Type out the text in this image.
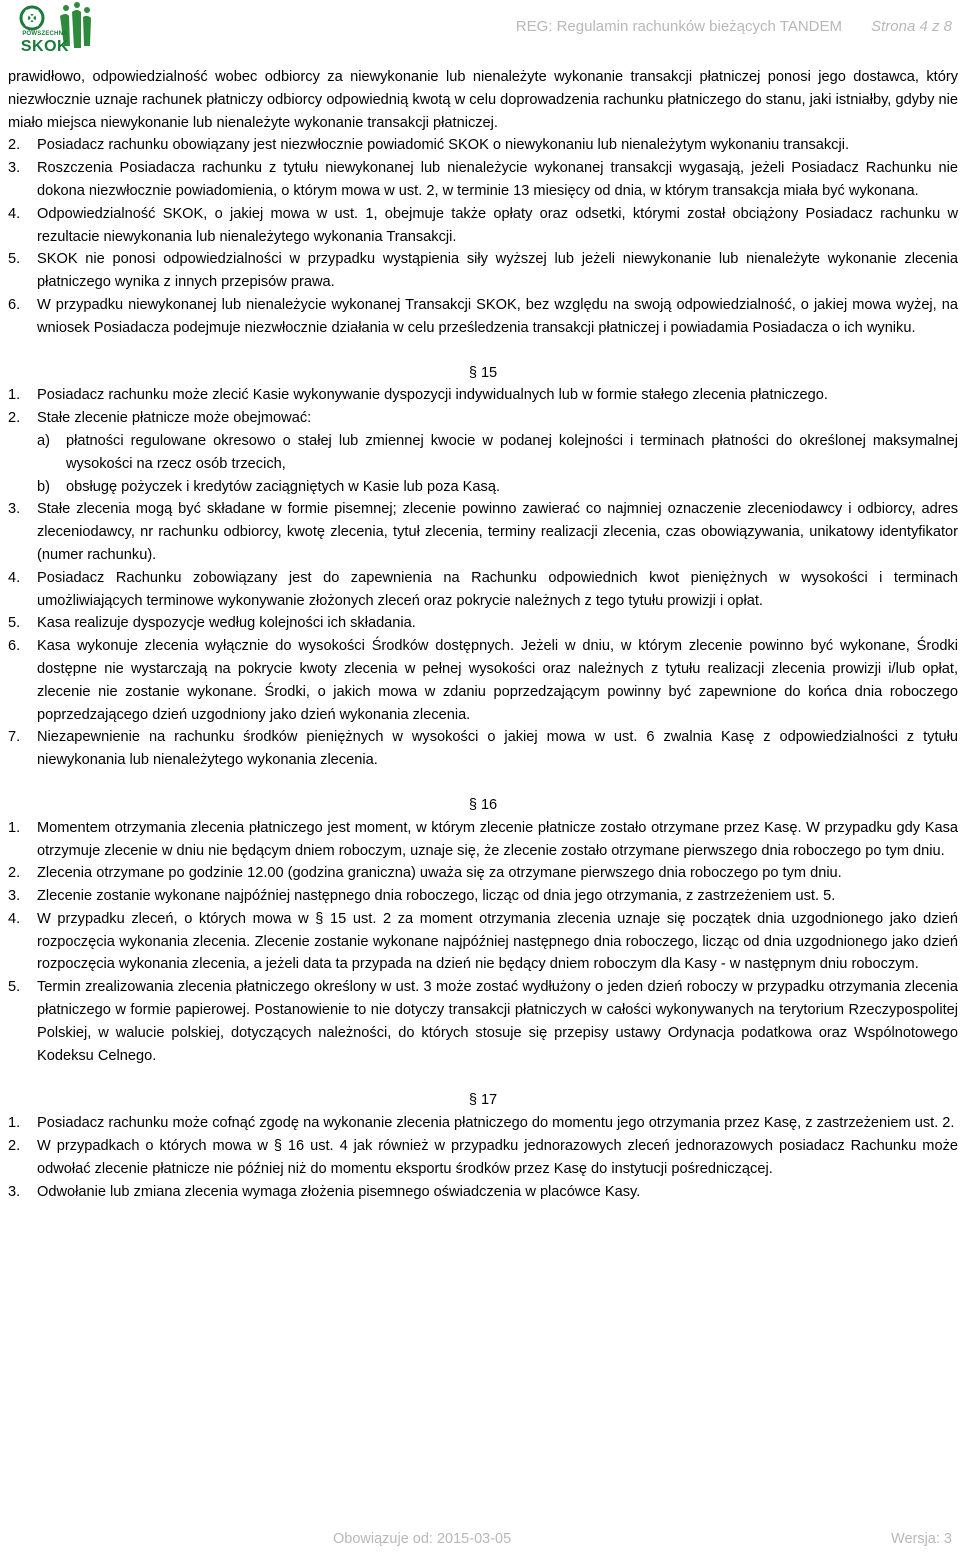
POWSZECHNA
SKOK
REG: Regulamin rachunków bieżących TANDEM Strona 4 z 8
prawidłowo, odpowiedzialność wobec odbiorcy za niewykonanie lub nienależyte wykonanie transakcji płatniczej ponosi jego dostawca, który niezwłocznie uznaje rachunek płatniczy odbiorcy odpowiednią kwotą w celu doprowadzenia rachunku płatniczego do stanu, jaki istniałby, gdyby nie miało miejsca niewykonanie lub nienależyte wykonanie transakcji płatniczej.
2.	Posiadacz rachunku obowiązany jest niezwłocznie powiadomić SKOK o niewykonaniu lub nienależytym wykonaniu transakcji.
3.	Roszczenia Posiadacza rachunku z tytułu niewykonanej lub nienależycie wykonanej transakcji wygasają, jeżeli Posiadacz Rachunku nie dokona niezwłocznie powiadomienia, o którym mowa w ust. 2, w terminie 13 miesięcy od dnia, w którym transakcja miała być wykonana.
4.	Odpowiedzialność SKOK, o jakiej mowa w ust. 1, obejmuje także opłaty oraz odsetki, którymi został obciążony Posiadacz rachunku w rezultacie niewykonania lub nienależytego wykonania Transakcji.
5.	SKOK nie ponosi odpowiedzialności w przypadku wystąpienia siły wyższej lub jeżeli niewykonanie lub nienależyte wykonanie zlecenia płatniczego wynika z innych przepisów prawa.
6.	W przypadku niewykonanej lub nienależycie wykonanej Transakcji SKOK, bez względu na swoją odpowiedzialność, o jakiej mowa wyżej, na wniosek Posiadacza podejmuje niezwłocznie działania w celu prześledzenia transakcji płatniczej i powiadamia Posiadacza o ich wyniku.
§ 15
1.	Posiadacz rachunku może zlecić Kasie wykonywanie dyspozycji indywidualnych lub w formie stałego zlecenia płatniczego.
2.	Stałe zlecenie płatnicze może obejmować:
a)	płatności regulowane okresowo o stałej lub zmiennej kwocie w podanej kolejności i terminach płatności do określonej maksymalnej wysokości na rzecz osób trzecich,
b)	obsługę pożyczek i kredytów zaciągniętych w Kasie lub poza Kasą.
3.	Stałe zlecenia mogą być składane w formie pisemnej; zlecenie powinno zawierać co najmniej oznaczenie zleceniodawcy i odbiorcy, adres zleceniodawcy, nr rachunku odbiorcy, kwotę zlecenia, tytuł zlecenia, terminy realizacji zlecenia, czas obowiązywania, unikatowy identyfikator (numer rachunku).
4.	Posiadacz Rachunku zobowiązany jest do zapewnienia na Rachunku odpowiednich kwot pieniężnych w wysokości i terminach umożliwiających terminowe wykonywanie złożonych zleceń oraz pokrycie należnych z tego tytułu prowizji i opłat.
5.	Kasa realizuje dyspozycje według kolejności ich składania.
6.	Kasa wykonuje zlecenia wyłącznie do wysokości Środków dostępnych. Jeżeli w dniu, w którym zlecenie powinno być wykonane, Środki dostępne nie wystarczają na pokrycie kwoty zlecenia w pełnej wysokości oraz należnych z tytułu realizacji zlecenia prowizji i/lub opłat, zlecenie nie zostanie wykonane. Środki, o jakich mowa w zdaniu poprzedzającym powinny być zapewnione do końca dnia roboczego poprzedzającego dzień uzgodniony jako dzień wykonania zlecenia.
7.	Niezapewnienie na rachunku środków pieniężnych w wysokości o jakiej mowa w ust. 6 zwalnia Kasę z odpowiedzialności z tytułu niewykonania lub nienależytego wykonania zlecenia.
§ 16
1.	Momentem otrzymania zlecenia płatniczego jest moment, w którym zlecenie płatnicze zostało otrzymane przez Kasę. W przypadku gdy Kasa otrzymuje zlecenie w dniu nie będącym dniem roboczym, uznaje się, że zlecenie zostało otrzymane pierwszego dnia roboczego po tym dniu.
2.	Zlecenia otrzymane po godzinie 12.00 (godzina graniczna) uważa się za otrzymane pierwszego dnia roboczego po tym dniu.
3.	Zlecenie zostanie wykonane najpóźniej następnego dnia roboczego, licząc od dnia jego otrzymania, z zastrzeżeniem ust. 5.
4.	W przypadku zleceń, o których mowa w § 15 ust. 2 za moment otrzymania zlecenia uznaje się początek dnia uzgodnionego jako dzień rozpoczęcia wykonania zlecenia. Zlecenie zostanie wykonane najpóźniej następnego dnia roboczego, licząc od dnia uzgodnionego jako dzień rozpoczęcia wykonania zlecenia, a jeżeli data ta przypada na dzień nie będący dniem roboczym dla Kasy - w następnym dniu roboczym.
5.	Termin zrealizowania zlecenia płatniczego określony w ust. 3 może zostać wydłużony o jeden dzień roboczy w przypadku otrzymania zlecenia płatniczego w formie papierowej. Postanowienie to nie dotyczy transakcji płatniczych w całości wykonywanych na terytorium Rzeczypospolitej Polskiej, w walucie polskiej, dotyczących należności, do których stosuje się przepisy ustawy Ordynacja podatkowa oraz Wspólnotowego Kodeksu Celnego.
§ 17
1.	Posiadacz rachunku może cofnąć zgodę na wykonanie zlecenia płatniczego do momentu jego otrzymania przez Kasę, z zastrzeżeniem ust. 2.
2.	W przypadkach o których mowa w § 16 ust. 4 jak również w przypadku jednorazowych zleceń jednorazowych posiadacz Rachunku może odwołać zlecenie płatnicze nie później niż do momentu eksportu środków przez Kasę do instytucji pośredniczącej.
3.	Odwołanie lub zmiana zlecenia wymaga złożenia pisemnego oświadczenia w placówce Kasy.
Obowiązuje od: 2015-03-05	Wersja: 3
